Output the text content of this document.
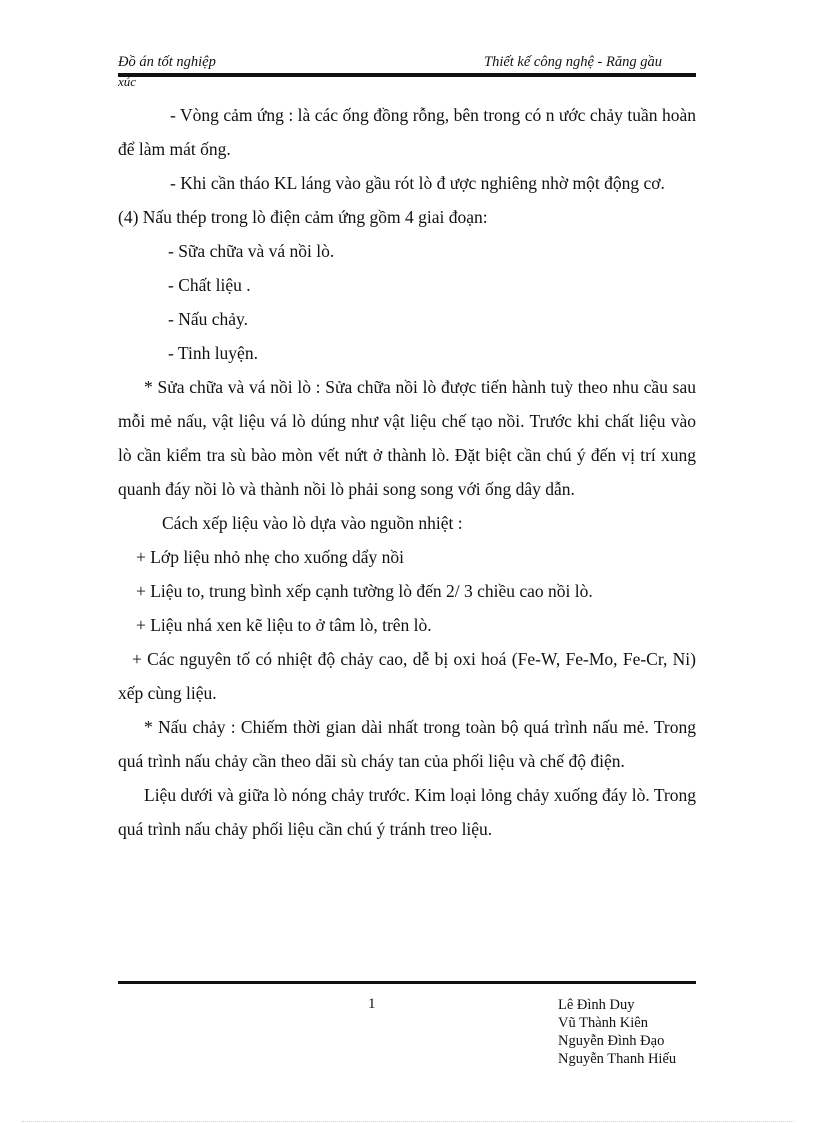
Đồ án tốt nghiệp	Thiết kế công nghệ - Răng gầu
xúc

- Vòng cảm ứng : là các ống đồng rỗng, bên trong có n ước chảy tuần hoàn để làm mát ống.

- Khi cần tháo KL láng vào gầu rót lò đ ược nghiêng nhờ một động cơ.

(4) Nấu thép trong lò điện cảm ứng gồm 4 giai đoạn:

- Sữa chữa và vá nồi lò.

- Chất liệu .

- Nấu chảy.

- Tinh luyện.

* Sửa chữa và vá nồi lò : Sửa chữa nồi lò được tiến hành tuỳ theo nhu cầu sau mỗi mẻ nấu, vật liệu vá lò dúng như vật liệu chế tạo nồi. Trước khi chất liệu vào lò cần kiểm tra sù bào mòn vết nứt ở thành lò. Đặt biệt cần chú ý đến vị trí xung quanh đáy nồi lò và thành nồi lò phải song song với ống dây dẫn.

Cách xếp liệu vào lò dựa vào nguồn nhiệt :

+ Lớp liệu nhỏ nhẹ cho xuống dẩy nồi

+ Liệu to, trung bình xếp cạnh tường lò đến 2/ 3 chiều cao nồi lò.

+ Liệu nhá xen kẽ liệu to ở tâm lò, trên lò.

+ Các nguyên tố có nhiệt độ chảy cao, dễ bị oxi hoá (Fe-W, Fe-Mo, Fe-Cr, Ni) xếp cùng liệu.

* Nấu chảy : Chiếm thời gian dài nhất trong toàn bộ quá trình nấu mẻ. Trong quá trình nấu chảy cần theo dãi sù cháy tan của phối liệu và chế độ điện.

Liệu dưới và giữa lò nóng chảy trước. Kim loại lỏng chảy xuống đáy lò. Trong quá trình nấu chảy phối liệu cần chú ý tránh treo liệu.

1	Lê Đình Duy
Vũ Thành Kiên
Nguyễn Đình Đạo
Nguyễn Thanh Hiếu
